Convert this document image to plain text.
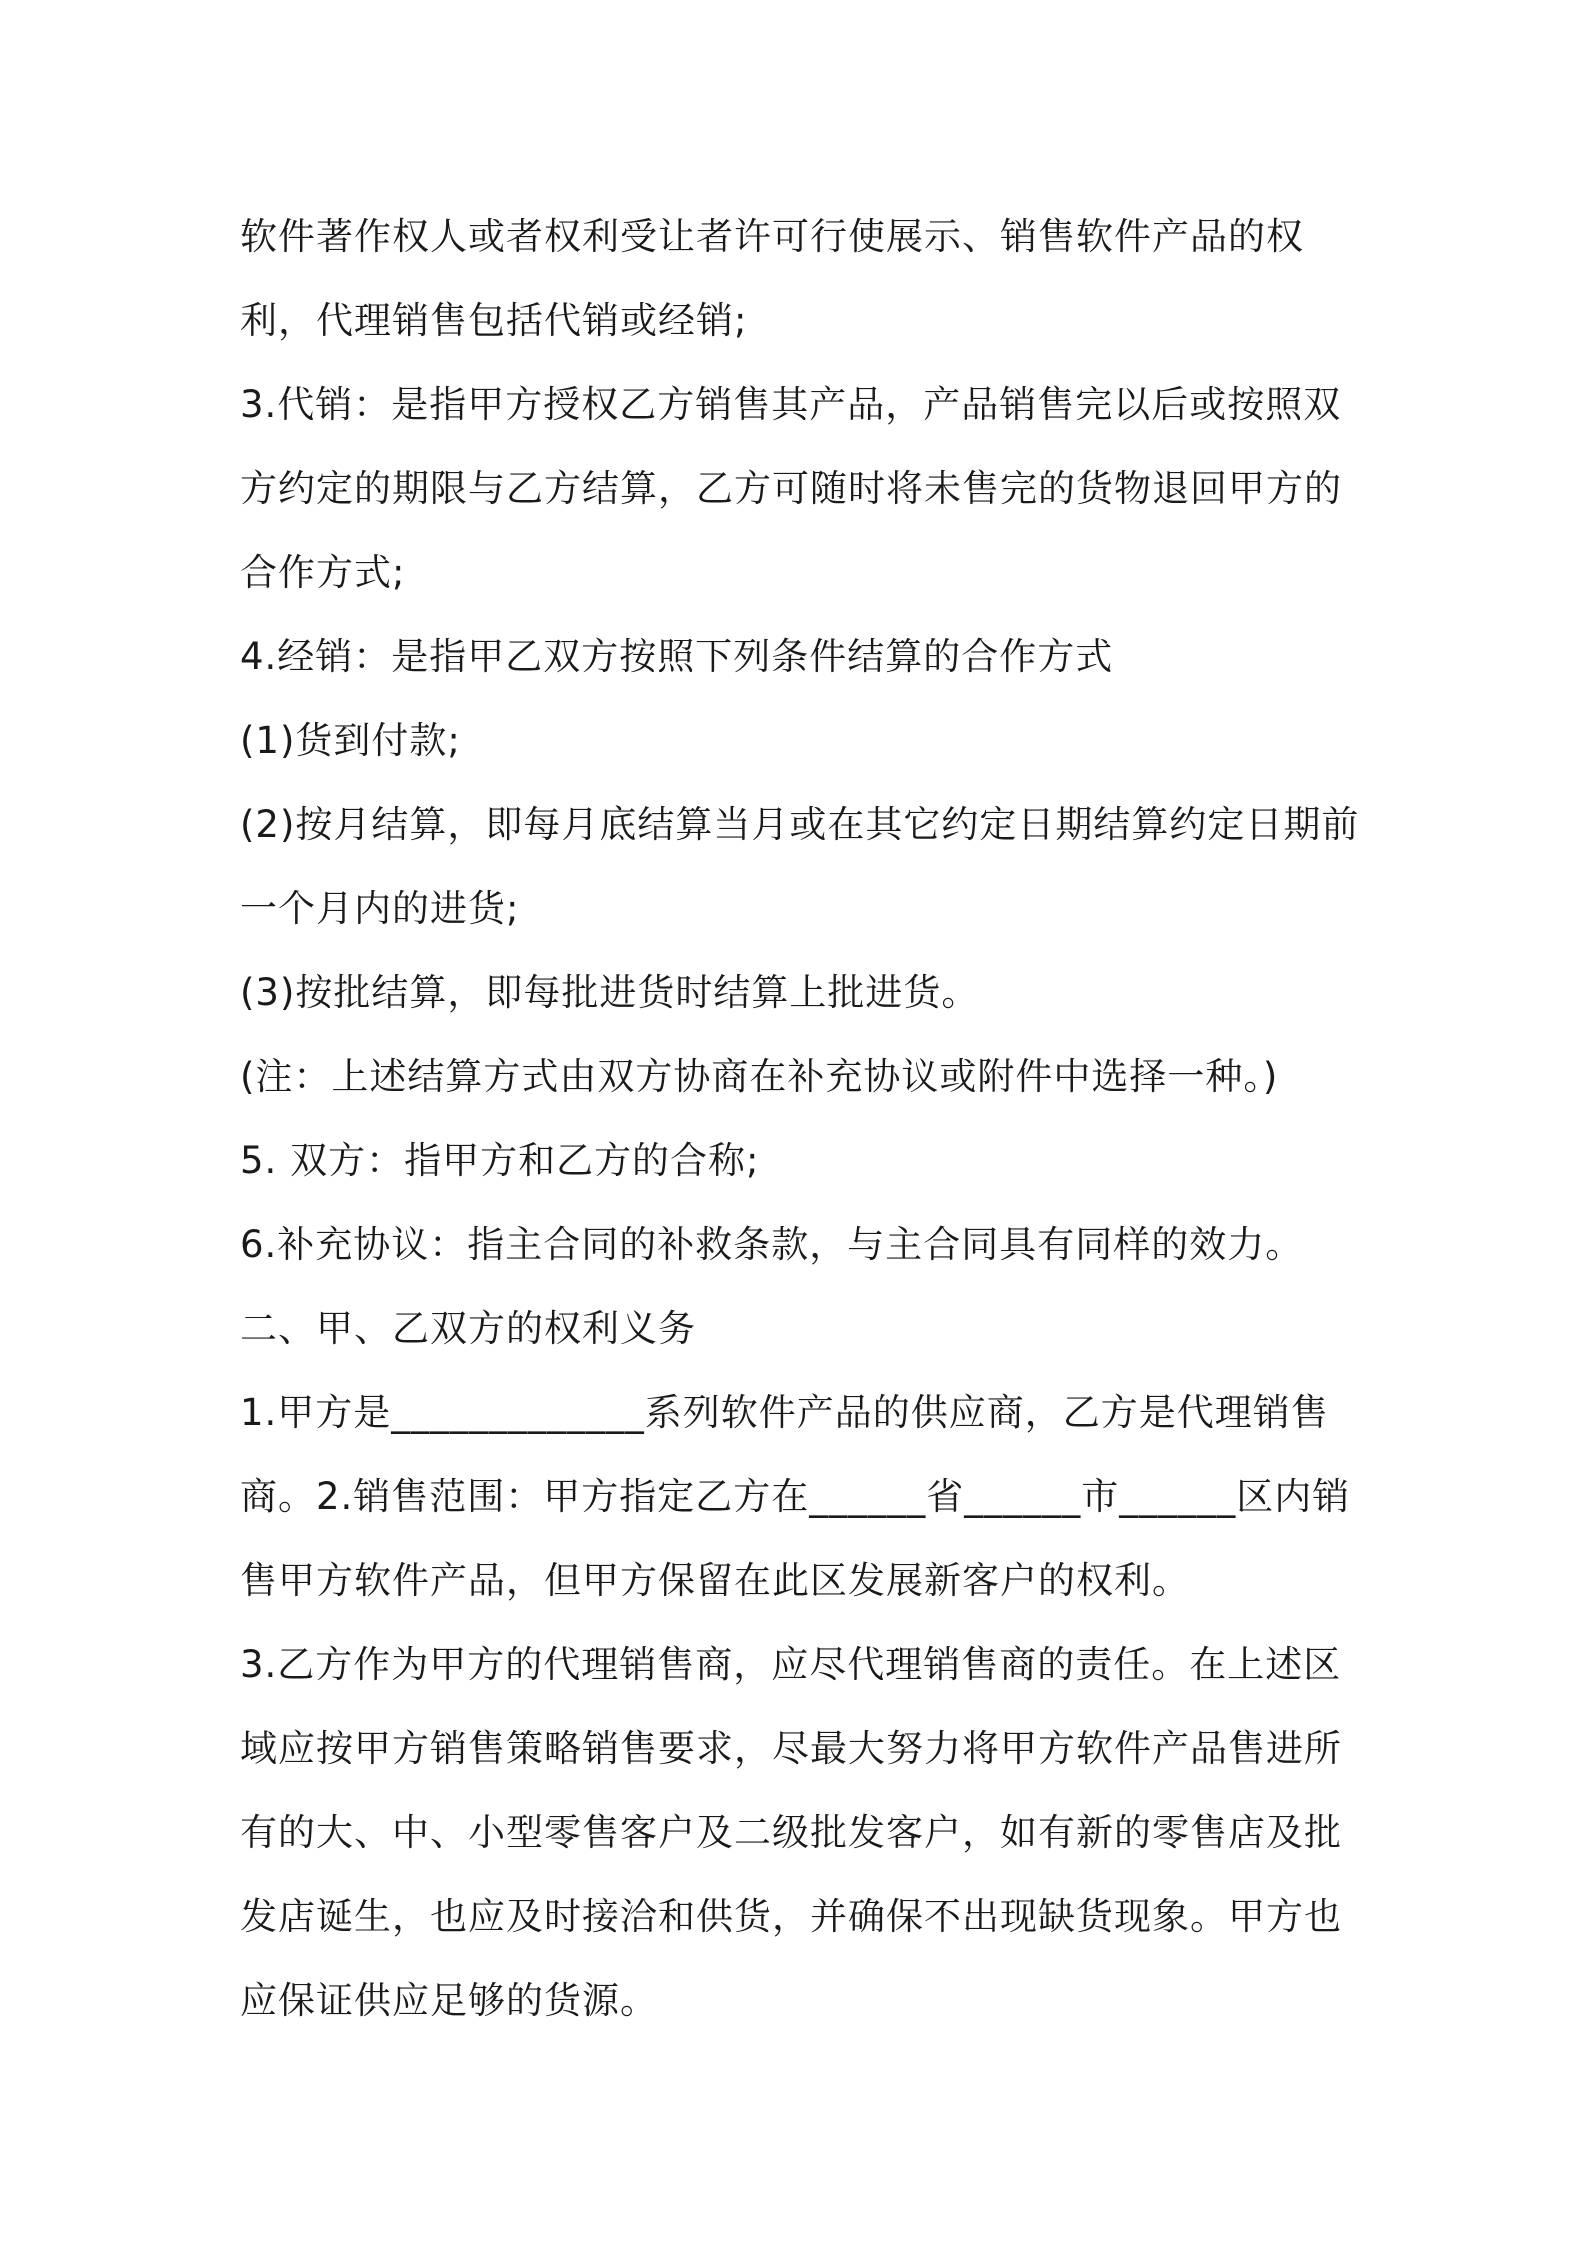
软件著作权人或者权利受让者许可行使展示、销售软件产品的权利，代理销售包括代销或经销;

3.代销：是指甲方授权乙方销售其产品，产品销售完以后或按照双方约定的期限与乙方结算，乙方可随时将未售完的货物退回甲方的合作方式;

4.经销：是指甲乙双方按照下列条件结算的合作方式

(1)货到付款;

(2)按月结算，即每月底结算当月或在其它约定日期结算约定日期前一个月内的进货;

(3)按批结算，即每批进货时结算上批进货。

(注：上述结算方式由双方协商在补充协议或附件中选择一种。)

5. 双方：指甲方和乙方的合称;

6.补充协议：指主合同的补救条款，与主合同具有同样的效力。二、甲、乙双方的权利义务

1.甲方是_____________系列软件产品的供应商，乙方是代理销售商。2.销售范围：甲方指定乙方在______省______市______区内销售甲方软件产品，但甲方保留在此区发展新客户的权利。

3.乙方作为甲方的代理销售商，应尽代理销售商的责任。在上述区域应按甲方销售策略销售要求，尽最大努力将甲方软件产品售进所有的大、中、小型零售客户及二级批发客户，如有新的零售店及批发店诞生，也应及时接洽和供货，并确保不出现缺货现象。甲方也应保证供应足够的货源。
